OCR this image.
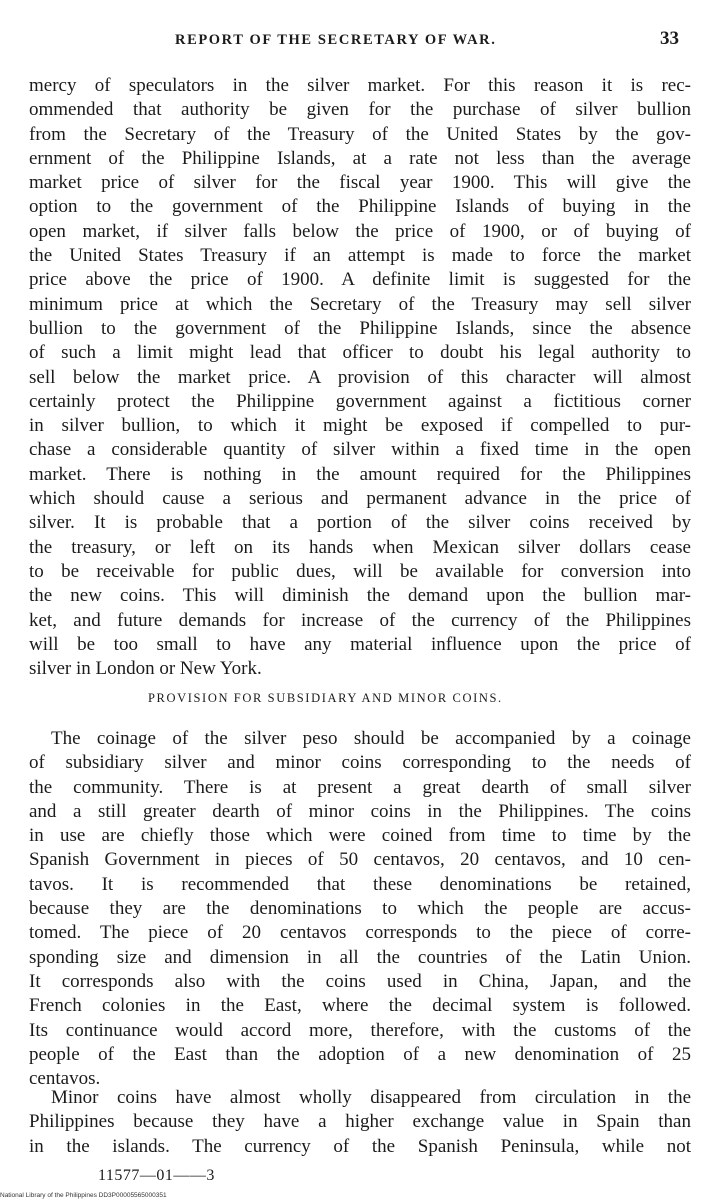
REPORT OF THE SECRETARY OF WAR.	33
mercy of speculators in the silver market. For this reason it is rec-
ommended that authority be given for the purchase of silver bullion
from the Secretary of the Treasury of the United States by the gov-
ernment of the Philippine Islands, at a rate not less than the average
market price of silver for the fiscal year 1900. This will give the
option to the government of the Philippine Islands of buying in the
open market, if silver falls below the price of 1900, or of buying of
the United States Treasury if an attempt is made to force the market
price above the price of 1900. A definite limit is suggested for the
minimum price at which the Secretary of the Treasury may sell silver
bullion to the government of the Philippine Islands, since the absence
of such a limit might lead that officer to doubt his legal authority to
sell below the market price. A provision of this character will almost
certainly protect the Philippine government against a fictitious corner
in silver bullion, to which it might be exposed if compelled to pur-
chase a considerable quantity of silver within a fixed time in the open
market. There is nothing in the amount required for the Philippines
which should cause a serious and permanent advance in the price of
silver. It is probable that a portion of the silver coins received by
the treasury, or left on its hands when Mexican silver dollars cease
to be receivable for public dues, will be available for conversion into
the new coins. This will diminish the demand upon the bullion mar-
ket, and future demands for increase of the currency of the Philippines
will be too small to have any material influence upon the price of
silver in London or New York.
PROVISION FOR SUBSIDIARY AND MINOR COINS.
The coinage of the silver peso should be accompanied by a coinage
of subsidiary silver and minor coins corresponding to the needs of
the community. There is at present a great dearth of small silver
and a still greater dearth of minor coins in the Philippines. The coins
in use are chiefly those which were coined from time to time by the
Spanish Government in pieces of 50 centavos, 20 centavos, and 10 cen-
tavos. It is recommended that these denominations be retained,
because they are the denominations to which the people are accus-
tomed. The piece of 20 centavos corresponds to the piece of corre-
sponding size and dimension in all the countries of the Latin Union.
It corresponds also with the coins used in China, Japan, and the
French colonies in the East, where the decimal system is followed.
Its continuance would accord more, therefore, with the customs of the
people of the East than the adoption of a new denomination of 25
centavos.
Minor coins have almost wholly disappeared from circulation in the
Philippines because they have a higher exchange value in Spain than
in the islands. The currency of the Spanish Peninsula, while not
11577—01——3
National Library of the Philippines DD3P00005565000351
